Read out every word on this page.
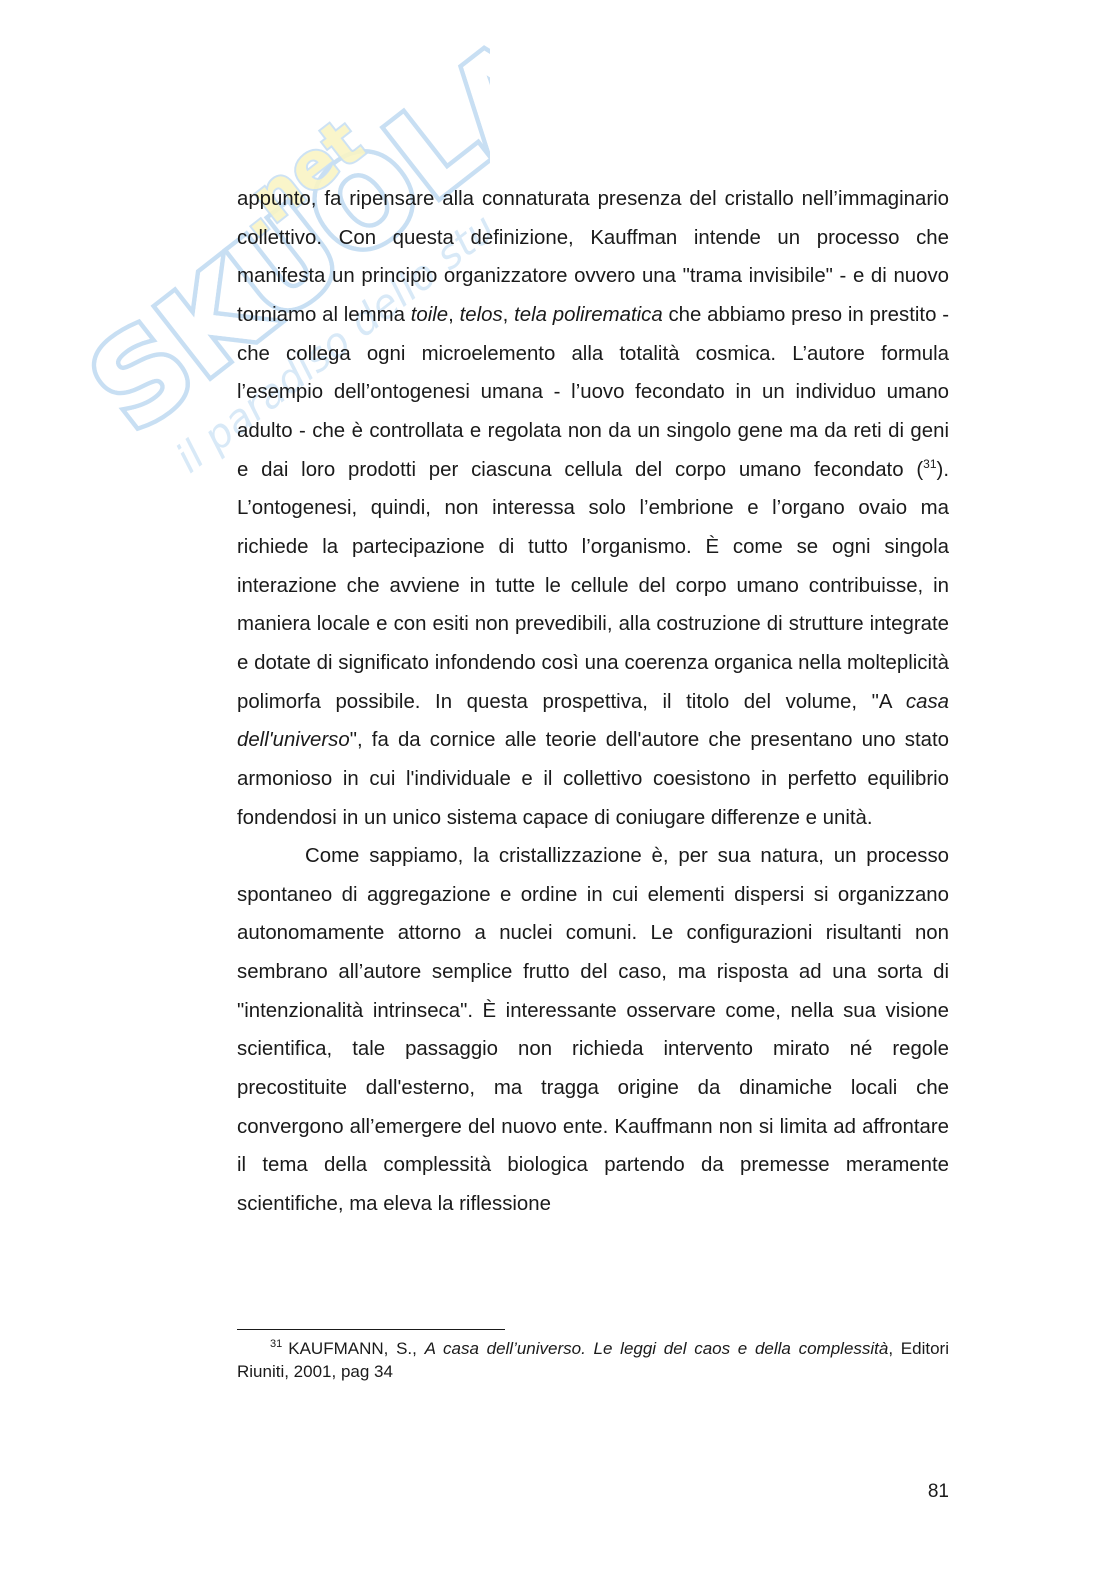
SKUOLA
SKUOLA
.net
il paradiso dello studente

appunto, fa ripensare alla connaturata presenza del cristallo nell’immaginario collettivo. Con questa definizione, Kauffman intende un processo che manifesta un principio organizzatore ovvero una "trama invisibile" - e di nuovo torniamo al lemma toile, telos, tela polirematica che abbiamo preso in prestito - che collega ogni microelemento alla totalità cosmica. L’autore formula l’esempio dell’ontogenesi umana - l’uovo fecondato in un individuo umano adulto - che è controllata e regolata non da un singolo gene ma da reti di geni e dai loro prodotti per ciascuna cellula del corpo umano fecondato ($^{31}$). L’ontogenesi, quindi, non interessa solo l’embrione e l’organo ovaio ma richiede la partecipazione di tutto l’organismo. È come se ogni singola interazione che avviene in tutte le cellule del corpo umano contribuisse, in maniera locale e con esiti non prevedibili, alla costruzione di strutture integrate e dotate di significato infondendo così una coerenza organica nella molteplicità polimorfa possibile. In questa prospettiva, il titolo del volume, "A casa dell'universo", fa da cornice alle teorie dell'autore che presentano uno stato armonioso in cui l'individuale e il collettivo coesistono in perfetto equilibrio fondendosi in un unico sistema capace di coniugare differenze e unità.

Come sappiamo, la cristallizzazione è, per sua natura, un processo spontaneo di aggregazione e ordine in cui elementi dispersi si organizzano autonomamente attorno a nuclei comuni. Le configurazioni risultanti non sembrano all’autore semplice frutto del caso, ma risposta ad una sorta di "intenzionalità intrinseca". È interessante osservare come, nella sua visione scientifica, tale passaggio non richieda intervento mirato né regole precostituite dall'esterno, ma tragga origine da dinamiche locali che convergono all’emergere del nuovo ente. Kauffmann non si limita ad affrontare il tema della complessità biologica partendo da premesse meramente scientifiche, ma eleva la riflessione

$^{31}$ KAUFMANN, S., A casa dell’universo. Le leggi del caos e della complessità, Editori Riuniti, 2001, pag 34

81
